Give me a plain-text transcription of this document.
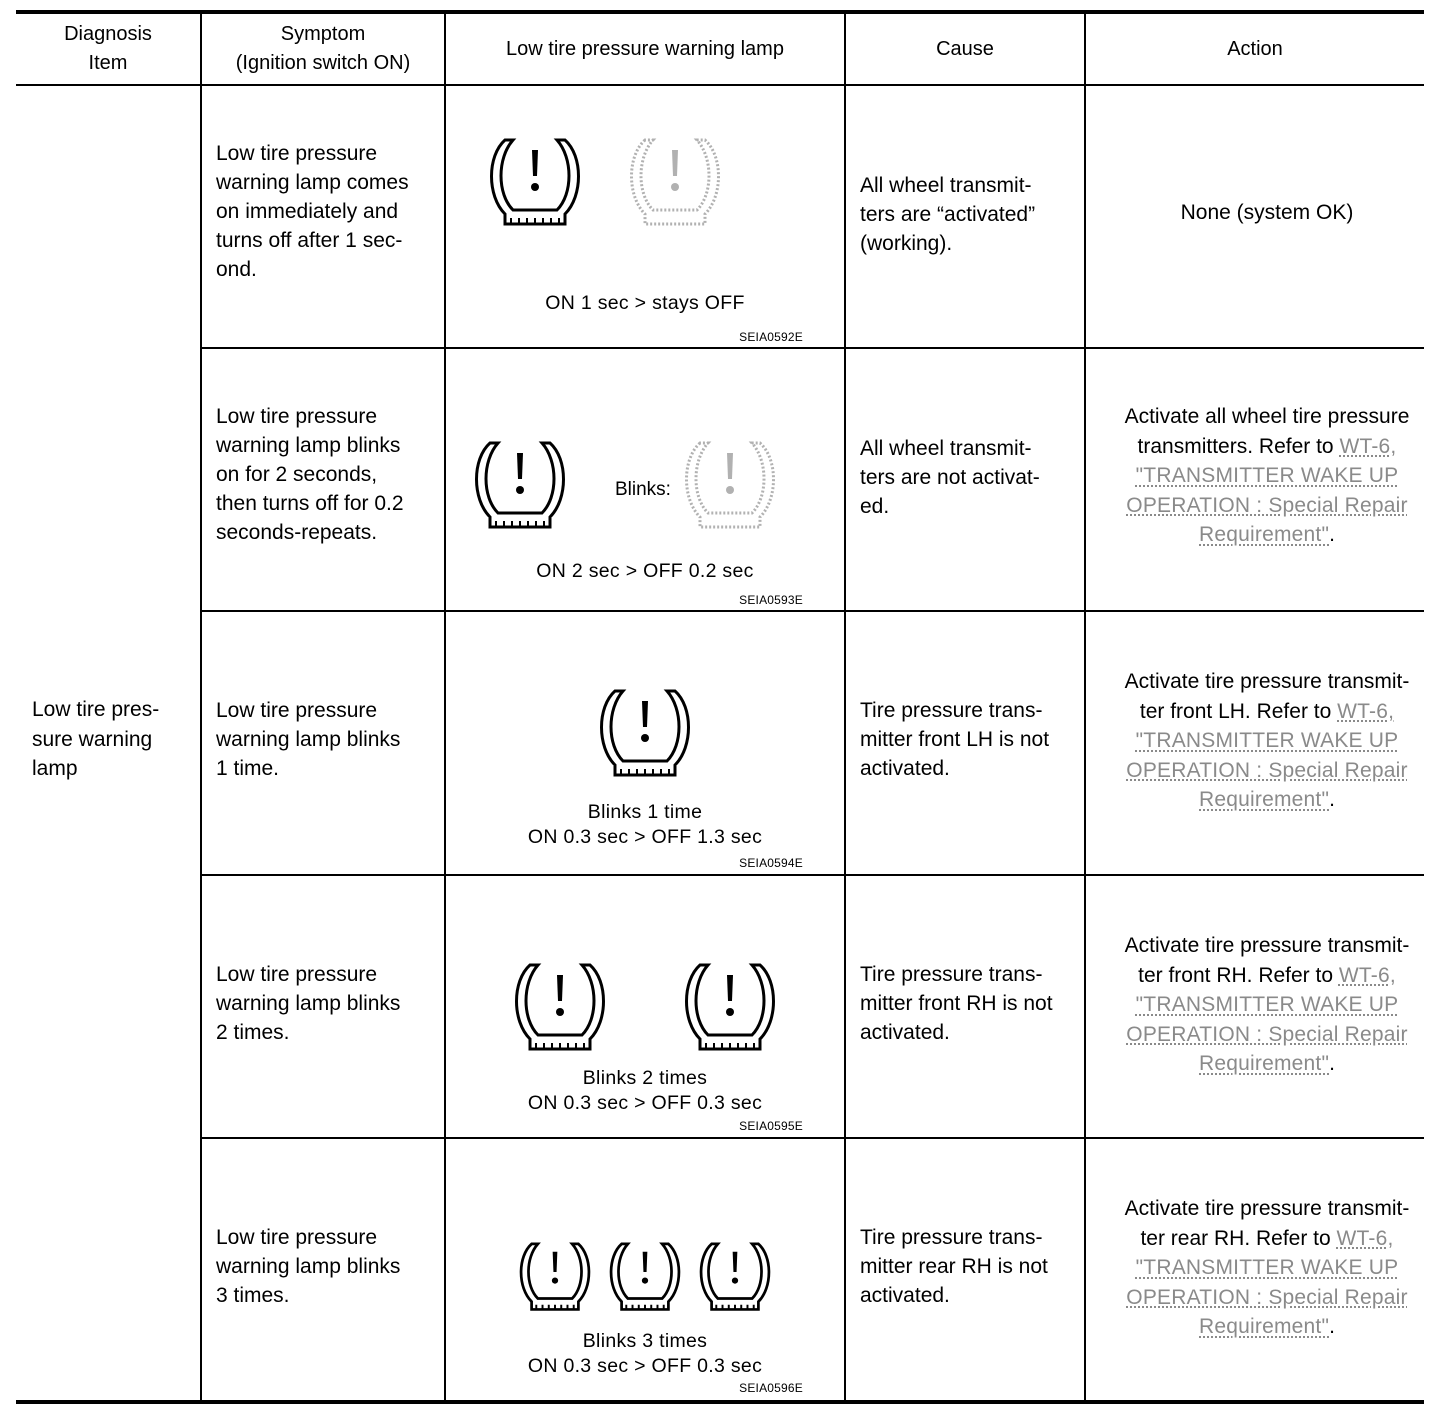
Diagnosis
Item
Symptom
(Ignition switch ON)
Low tire pressure warning lamp	Cause	Action
Low tire pres-
sure warning
lamp
Low tire pressure
warning lamp comes
on immediately and
turns off after 1 sec-
ond.
ON 1 sec > stays OFF
SEIA0592E
All wheel transmit-
ters are “activated”
(working).
None (system OK)
Low tire pressure
warning lamp blinks
on for 2 seconds,
then turns off for 0.2
seconds-repeats.
Blinks:
ON 2 sec > OFF 0.2 sec
SEIA0593E
All wheel transmit-
ters are not activat-
ed.
Activate all wheel tire pressure
transmitters. Refer to WT-6,
"TRANSMITTER WAKE UP
OPERATION : Special Repair
Requirement".
Low tire pressure
warning lamp blinks
1 time.
Blinks 1 time
ON 0.3 sec > OFF 1.3 sec
SEIA0594E
Tire pressure trans-
mitter front LH is not
activated.
Activate tire pressure transmit-
ter front LH. Refer to WT-6,
"TRANSMITTER WAKE UP
OPERATION : Special Repair
Requirement".
Low tire pressure
warning lamp blinks
2 times.
Blinks 2 times
ON 0.3 sec > OFF 0.3 sec
SEIA0595E
Tire pressure trans-
mitter front RH is not
activated.
Activate tire pressure transmit-
ter front RH. Refer to WT-6,
"TRANSMITTER WAKE UP
OPERATION : Special Repair
Requirement".
Low tire pressure
warning lamp blinks
3 times.
Blinks 3 times
ON 0.3 sec > OFF 0.3 sec
SEIA0596E
Tire pressure trans-
mitter rear RH is not
activated.
Activate tire pressure transmit-
ter rear RH. Refer to WT-6,
"TRANSMITTER WAKE UP
OPERATION : Special Repair
Requirement".
